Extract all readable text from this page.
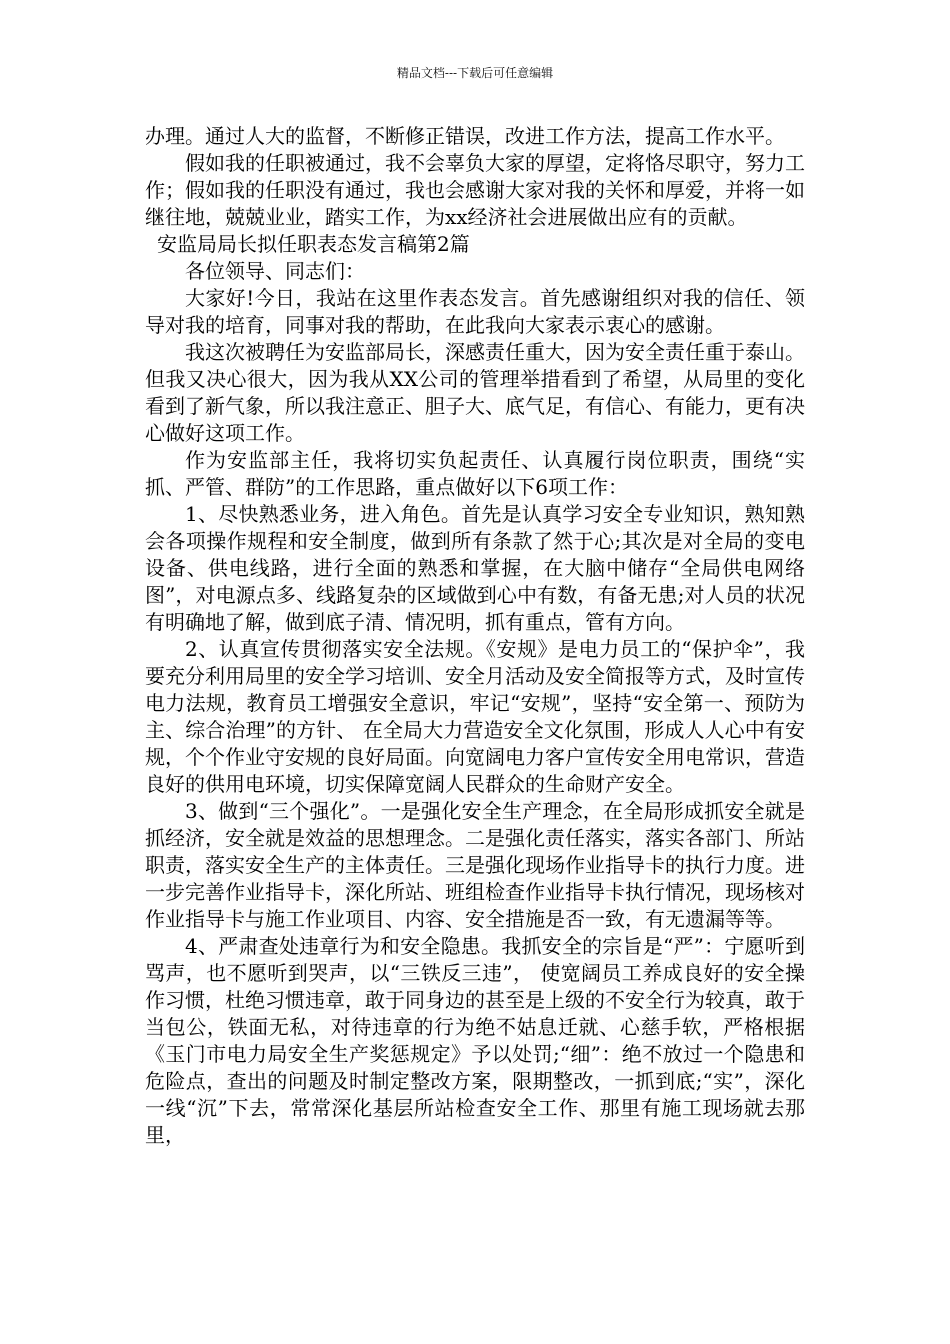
精品文档---下载后可任意编辑

办理。通过人大的监督，不断修正错误，改进工作方法，提高工作水平。

假如我的任职被通过，我不会辜负大家的厚望，定将恪尽职守，努力工作；假如我的任职没有通过，我也会感谢大家对我的关怀和厚爱，并将一如继往地，兢兢业业，踏实工作，为xx经济社会进展做出应有的贡献。

安监局局长拟任职表态发言稿第2篇

各位领导、同志们：

大家好!今日，我站在这里作表态发言。首先感谢组织对我的信任、领导对我的培育，同事对我的帮助，在此我向大家表示衷心的感谢。

我这次被聘任为安监部局长，深感责任重大，因为安全责任重于泰山。但我又决心很大，因为我从XX公司的管理举措看到了希望，从局里的变化看到了新气象，所以我注意正、胆子大、底气足，有信心、有能力，更有决心做好这项工作。

作为安监部主任，我将切实负起责任、认真履行岗位职责，围绕“实抓、严管、群防”的工作思路，重点做好以下6项工作：

1、尽快熟悉业务，进入角色。首先是认真学习安全专业知识，熟知熟会各项操作规程和安全制度，做到所有条款了然于心;其次是对全局的变电设备、供电线路，进行全面的熟悉和掌握，在大脑中储存“全局供电网络图”，对电源点多、线路复杂的区域做到心中有数，有备无患;对人员的状况有明确地了解，做到底子清、情况明，抓有重点，管有方向。

2、认真宣传贯彻落实安全法规。《安规》是电力员工的“保护伞”，我要充分利用局里的安全学习培训、安全月活动及安全简报等方式，及时宣传电力法规，教育员工增强安全意识，牢记“安规”，坚持“安全第一、预防为主、综合治理”的方针、 在全局大力营造安全文化氛围，形成人人心中有安规，个个作业守安规的良好局面。向宽阔电力客户宣传安全用电常识，营造良好的供用电环境，切实保障宽阔人民群众的生命财产安全。

3、做到“三个强化”。一是强化安全生产理念，在全局形成抓安全就是抓经济，安全就是效益的思想理念。二是强化责任落实，落实各部门、所站职责，落实安全生产的主体责任。三是强化现场作业指导卡的执行力度。进一步完善作业指导卡，深化所站、班组检查作业指导卡执行情况，现场核对作业指导卡与施工作业项目、内容、安全措施是否一致，有无遗漏等等。

4、严肃查处违章行为和安全隐患。我抓安全的宗旨是“严”：宁愿听到骂声，也不愿听到哭声，以“三铁反三违”， 使宽阔员工养成良好的安全操作习惯，杜绝习惯违章，敢于同身边的甚至是上级的不安全行为较真，敢于当包公，铁面无私，对待违章的行为绝不姑息迁就、心慈手软，严格根据《玉门市电力局安全生产奖惩规定》予以处罚;“细”：绝不放过一个隐患和危险点，查出的问题及时制定整改方案，限期整改，一抓到底;“实”，深化一线“沉”下去，常常深化基层所站检查安全工作、那里有施工现场就去那里，
